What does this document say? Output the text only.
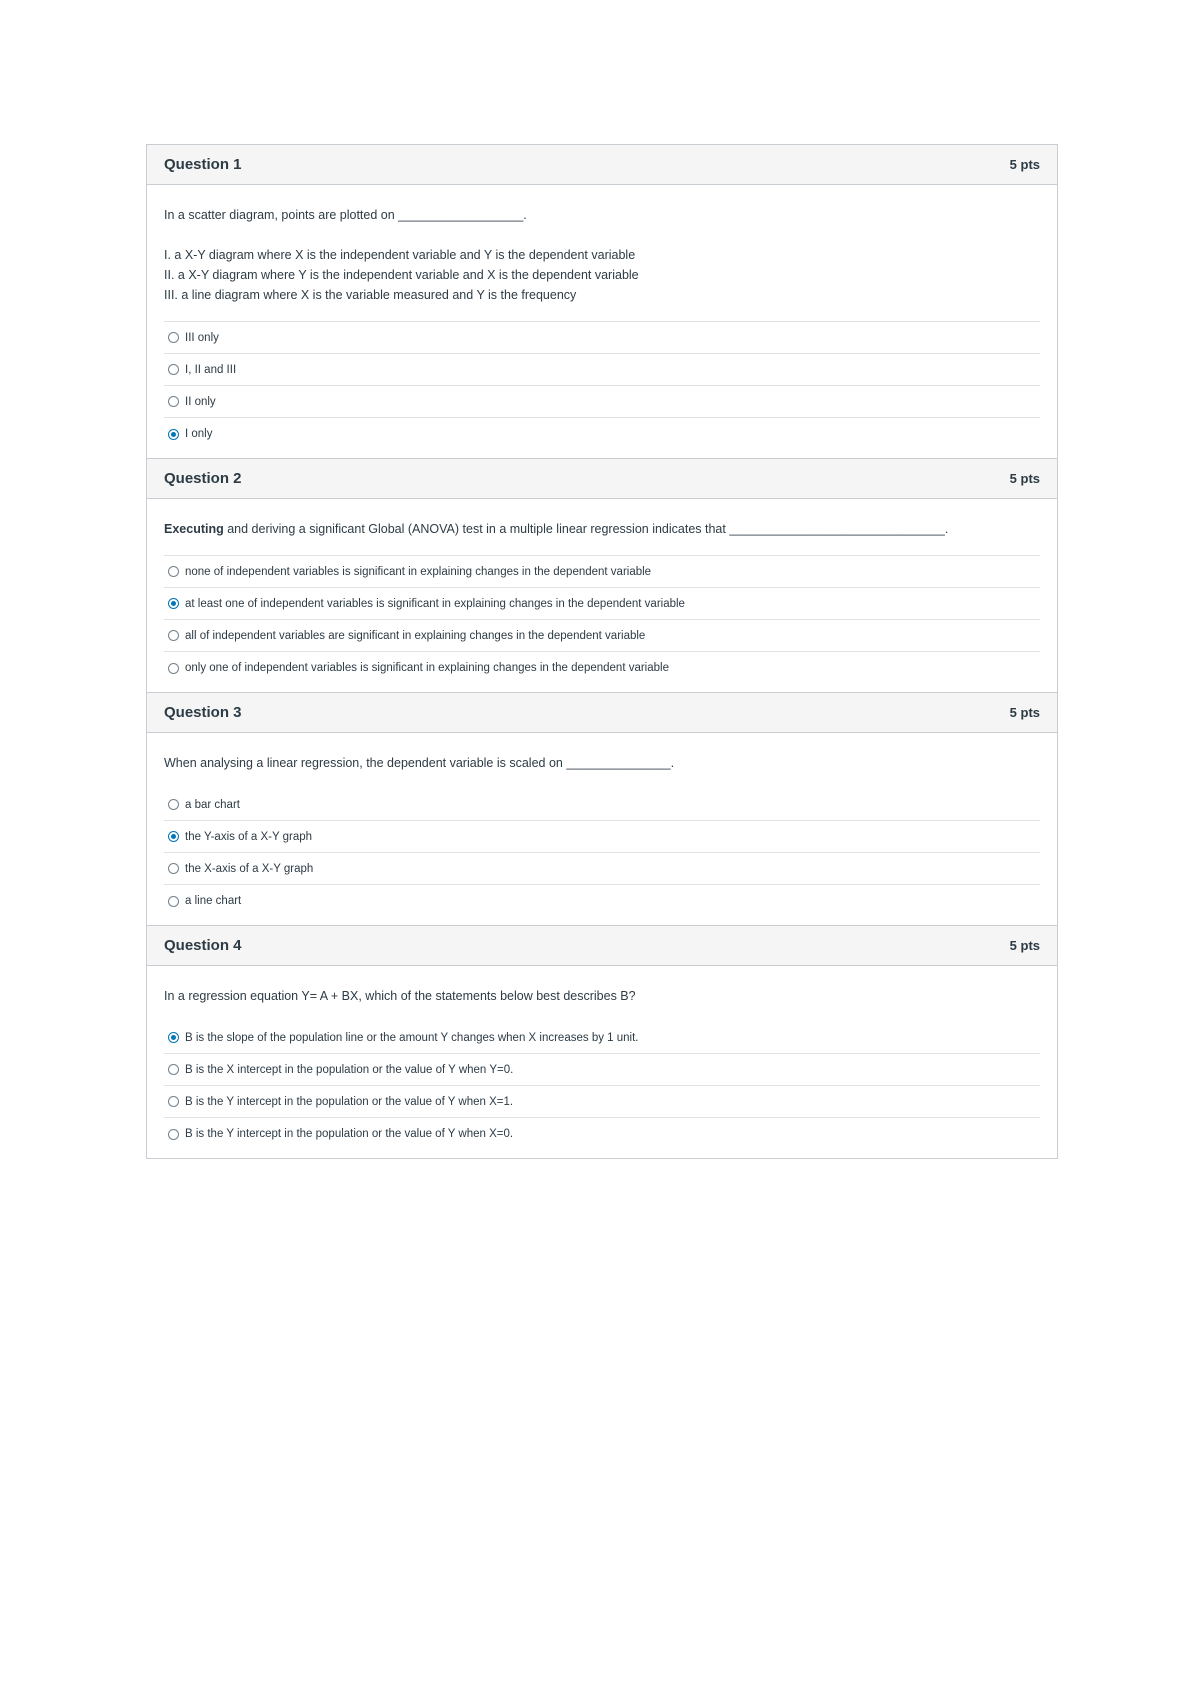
Question 1	5 pts

In a scatter diagram, points are plotted on __________________.

I. a X-Y diagram where X is the independent variable and Y is the dependent variable

II. a X-Y diagram where Y is the independent variable and X is the dependent variable

III. a line diagram where X is the variable measured and Y is the frequency

III only
I, II and III
II only
I only
Question 2	5 pts

Executing and deriving a significant Global (ANOVA) test in a multiple linear regression indicates that _______________________________.

none of independent variables is significant in explaining changes in the dependent variable
at least one of independent variables is significant in explaining changes in the dependent variable
all of independent variables are significant in explaining changes in the dependent variable
only one of independent variables is significant in explaining changes in the dependent variable
Question 3	5 pts

When analysing a linear regression, the dependent variable is scaled on _______________.

a bar chart
the Y-axis of a X-Y graph
the X-axis of a X-Y graph
a line chart
Question 4	5 pts

In a regression equation Y= A + BX, which of the statements below best describes B?

B is the slope of the population line or the amount Y changes when X increases by 1 unit.
B is the X intercept in the population or the value of Y when Y=0.
B is the Y intercept in the population or the value of Y when X=1.
B is the Y intercept in the population or the value of Y when X=0.
